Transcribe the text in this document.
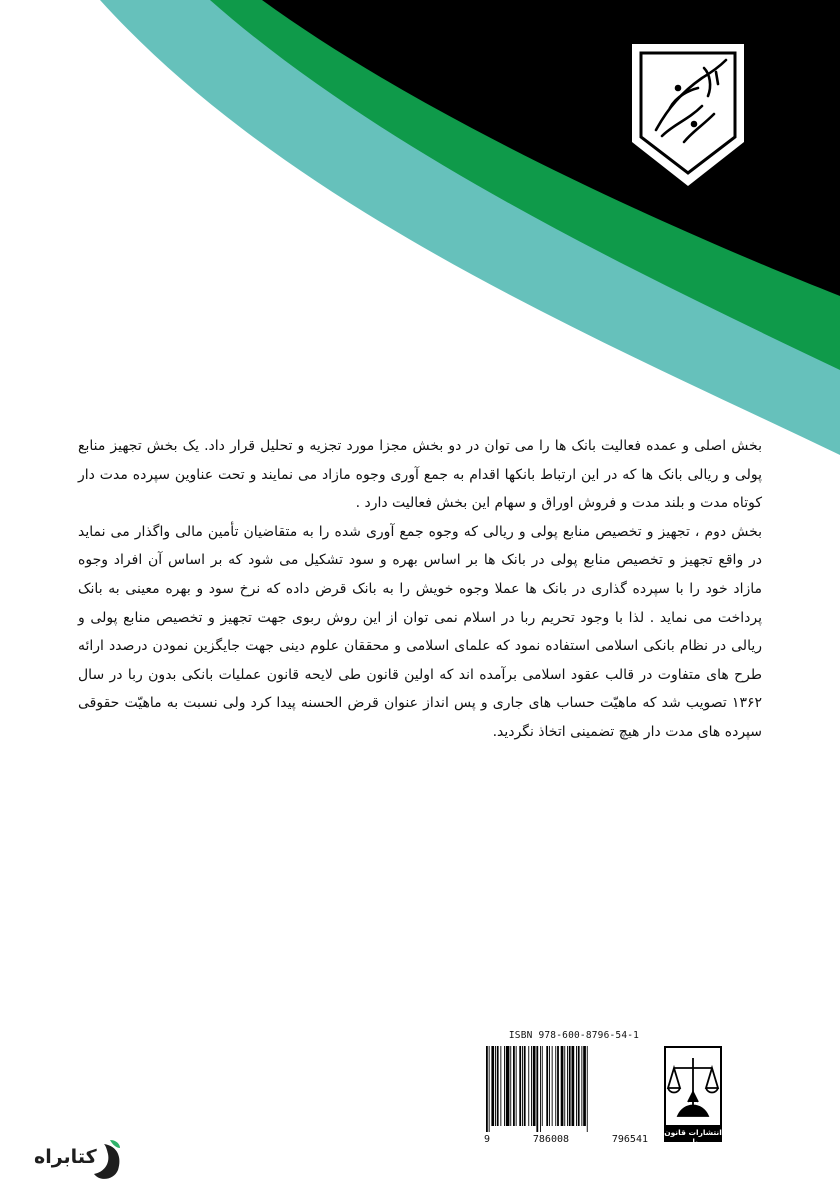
بخش اصلی و عمده فعالیت بانک ها را می توان در دو بخش مجزا مورد تجزیه و تحلیل قرار داد. یک بخش تجهیز منابع پولی و ریالی بانک ها که در این ارتباط بانکها اقدام به جمع آوری وجوه مازاد می نمایند و تحت عناوین سپرده مدت دار کوتاه مدت و بلند مدت و فروش اوراق و سهام این بخش فعالیت دارد .

بخش دوم ، تجهیز و تخصیص منابع پولی و ریالی که وجوه جمع آوری شده را به متقاضیان تأمین مالی واگذار می نماید در واقع تجهیز و تخصیص منابع پولی در بانک ها بر اساس بهره و سود تشکیل می شود که بر اساس آن افراد وجوه مازاد خود را با سپرده گذاری در بانک ها عملا وجوه خویش را به بانک قرض داده که نرخ سود و بهره معینی به بانک پرداخت می نماید . لذا با وجود تحریم ربا در اسلام نمی توان از این روش ربوی جهت تجهیز و تخصیص منابع پولی و ریالی در نظام بانکی اسلامی استفاده نمود که علمای اسلامی و محققان علوم دینی جهت جایگزین نمودن درصدد ارائه طرح های متفاوت در قالب عقود اسلامی برآمده اند که اولین قانون طی لایحه قانون عملیات بانکی بدون ربا در سال ۱۳۶۲ تصویب شد که ماهیّت حساب های جاری و پس انداز عنوان قرض الحسنه پیدا کرد ولی نسبت به ماهیّت حقوقی سپرده های مدت دار هیچ تضمینی اتخاذ نگردید.

ISBN 978-600-8796-54-1
9	786008	796541
انتشارات قانون یار
کتابراه
